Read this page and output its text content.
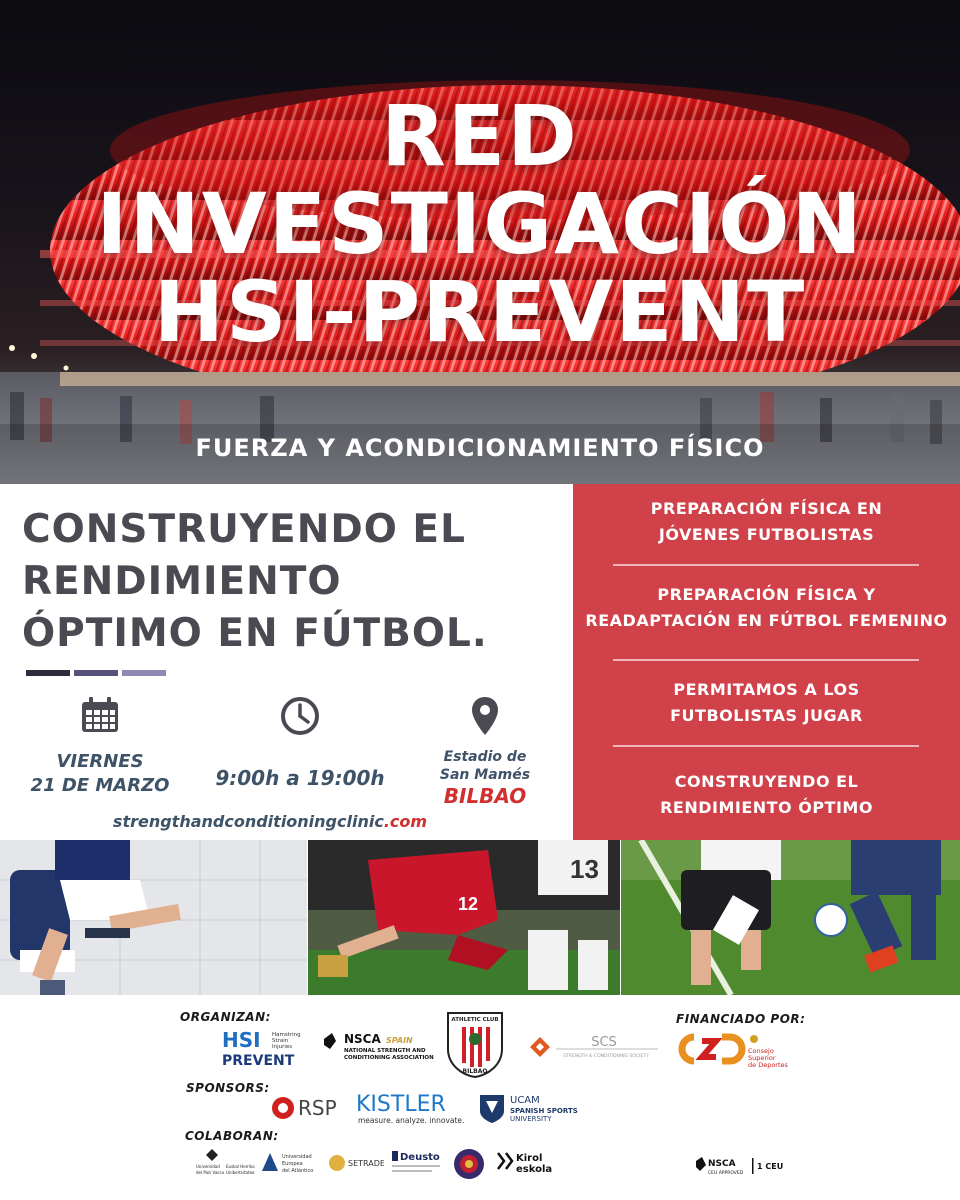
RED
INVESTIGACIÓN
HSI-PREVENT
FUERZA Y ACONDICIONAMIENTO FÍSICO
CONSTRUYENDO EL
RENDIMIENTO
ÓPTIMO EN FÚTBOL.
VIERNES
21 DE MARZO	9:00h a 19:00h
Estadio de
San Mamés
BILBAO
strengthandconditioningclinic.com
PREPARACIÓN FÍSICA EN
JÓVENES FUTBOLISTAS
PREPARACIÓN FÍSICA Y
READAPTACIÓN EN FÚTBOL FEMENINO
PERMITAMOS A LOS
FUTBOLISTAS JUGAR
CONSTRUYENDO EL
RENDIMIENTO ÓPTIMO
13
12
ORGANIZAN:	FINANCIADO POR:
SPONSORS:
COLABORAN:
HSI Hamstring
Strain
Injuries
PREVENT
NSCA SPAIN
NATIONAL STRENGTH AND
CONDITIONING ASSOCIATION
ATHLETIC CLUB
BILBAO
SCS
STRENGTH & CONDITIONING SOCIETY
Consejo
Superior
de Deportes
RSP KISTLER
measure. analyze. innovate.
UCAM
SPANISH SPORTS
UNIVERSITY
Universidad
del País Vasco
Euskal Herriko
Unibertsitatea
Universidad
Europea
del Atlántico
SETRADE
Deusto	Kirol
eskola	NSCA
CEU APPROVED
1 CEU
